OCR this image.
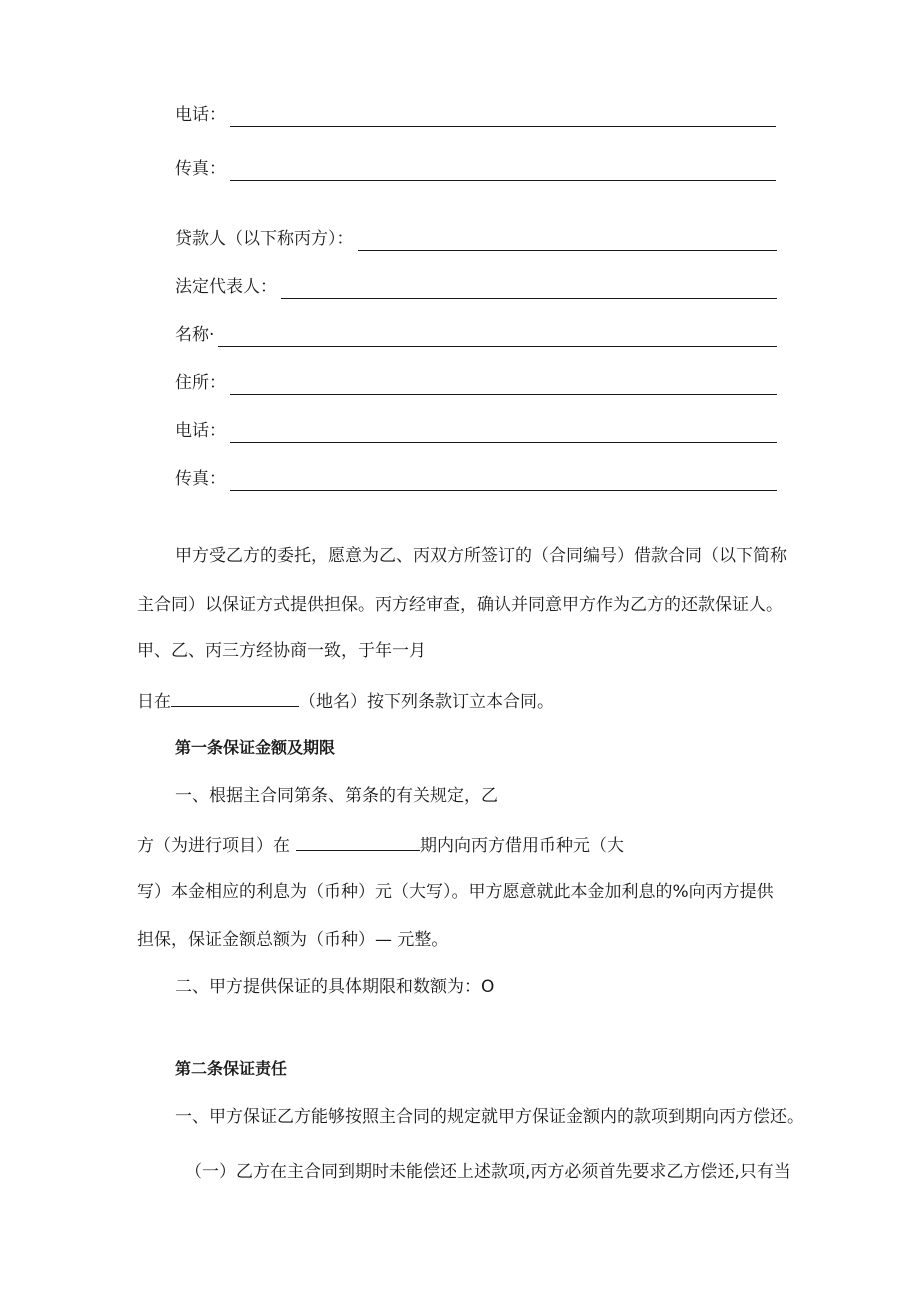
电话：
传真：
贷款人（以下称丙方）：
法定代表人：
名称·
住所：
电话：
传真：
甲方受乙方的委托，愿意为乙、丙双方所签订的（合同编号）借款合同（以下简称
主合同）以保证方式提供担保。丙方经审查，确认并同意甲方作为乙方的还款保证人。
甲、乙、丙三方经协商一致，于年一月
日在	（地名）按下列条款订立本合同。
第一条保证金额及期限
一、根据主合同第条、第条的有关规定，乙
方（为进行项目）在	期内向丙方借用币种元（大
写）本金相应的利息为（币种）元（大写）。甲方愿意就此本金加利息的%向丙方提供
担保，保证金额总额为（币种）— 元整。
二、甲方提供保证的具体期限和数额为：O
第二条保证责任
一、甲方保证乙方能够按照主合同的规定就甲方保证金额内的款项到期向丙方偿还。
（一）乙方在主合同到期时未能偿还上述款项,丙方必须首先要求乙方偿还,只有当
